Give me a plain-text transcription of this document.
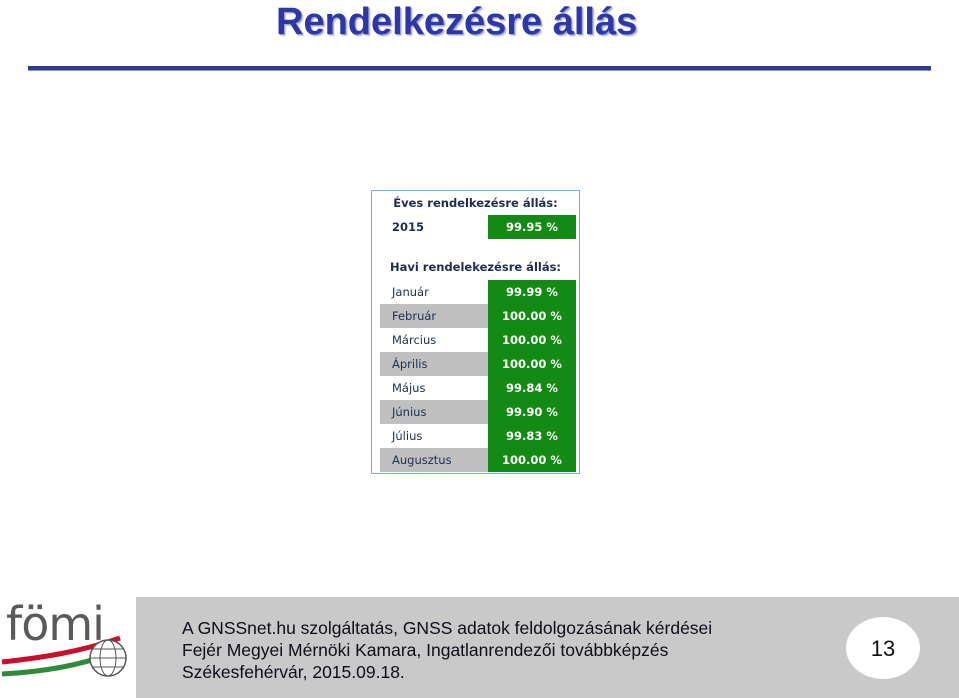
Rendelkezésre állás
Éves rendelkezésre állás:
2015	99.95 %
Havi rendelekezésre állás:
Január	99.99 %
Február	100.00 %
Március	100.00 %
Április	100.00 %
Május	99.84 %
Június	99.90 %
Július	99.83 %
Augusztus	100.00 %
fömi	A GNSSnet.hu szolgáltatás, GNSS adatok feldolgozásának kérdései
Fejér Megyei Mérnöki Kamara, Ingatlanrendezői továbbképzés
Székesfehérvár, 2015.09.18.
13
